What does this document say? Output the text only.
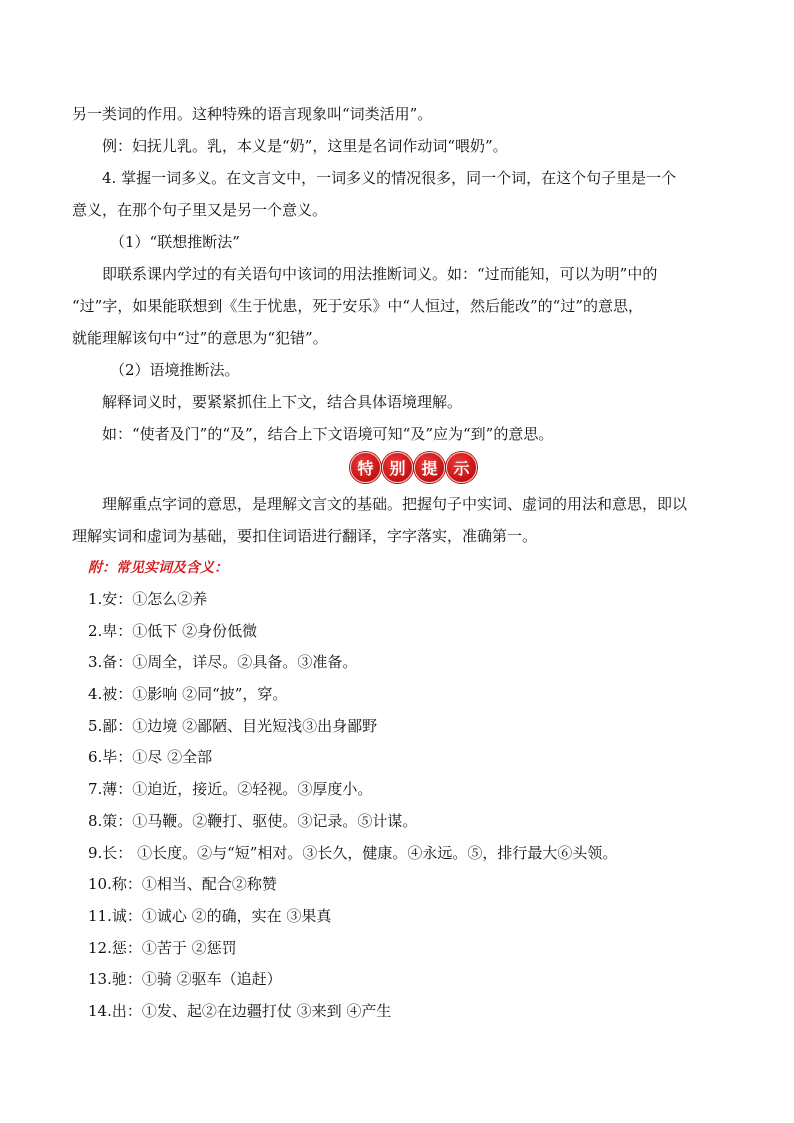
另一类词的作用。这种特殊的语言现象叫“词类活用”。
例：妇抚儿乳。乳，本义是“奶”，这里是名词作动词“喂奶”。
4. 掌握一词多义。在文言文中，一词多义的情况很多，同一个词，在这个句子里是一个
意义，在那个句子里又是另一个意义。
（1）“联想推断法”
即联系课内学过的有关语句中该词的用法推断词义。如：“过而能知，可以为明”中的
“过”字，如果能联想到《生于忧患，死于安乐》中“人恒过，然后能改”的“过”的意思，
就能理解该句中“过”的意思为“犯错”。
（2）语境推断法。
解释词义时，要紧紧抓住上下文，结合具体语境理解。
如：“使者及门”的“及”，结合上下文语境可知“及”应为“到”的意思。
特 别 提 示
理解重点字词的意思，是理解文言文的基础。把握句子中实词、虚词的用法和意思，即以
理解实词和虚词为基础，要扣住词语进行翻译，字字落实，准确第一。
附：常见实词及含义：
1.安：①怎么②养
2.卑：①低下 ②身份低微
3.备：①周全，详尽。②具备。③准备。
4.被：①影响 ②同“披”，穿。
5.鄙：①边境 ②鄙陋、目光短浅③出身鄙野
6.毕：①尽 ②全部
7.薄：①迫近，接近。②轻视。③厚度小。
8.策：①马鞭。②鞭打、驱使。③记录。⑤计谋。
9.长： ①长度。②与“短”相对。③长久，健康。④永远。⑤，排行最大⑥头领。
10.称：①相当、配合②称赞
11.诚：①诚心 ②的确，实在 ③果真
12.惩：①苦于 ②惩罚
13.驰：①骑 ②驱车（追赶）
14.出：①发、起②在边疆打仗 ③来到 ④产生
